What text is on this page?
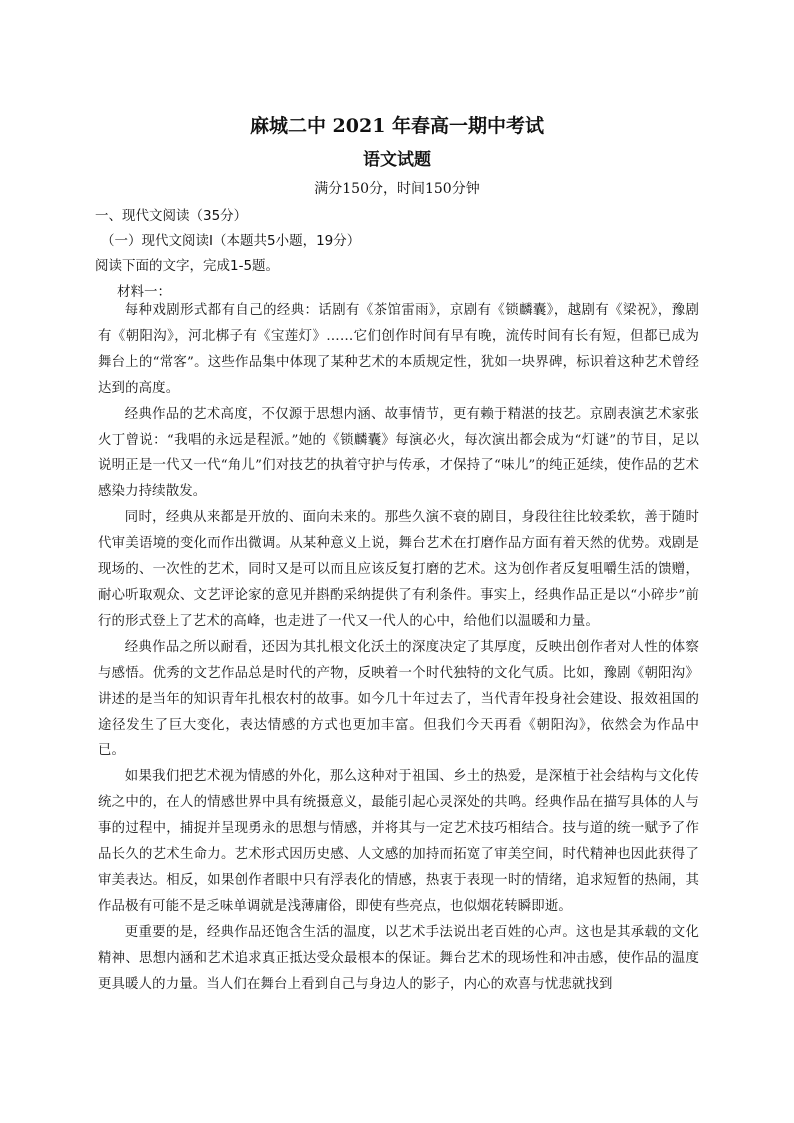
麻城二中 2021 年春高一期中考试
语文试题
满分150分，时间150分钟
一、现代文阅读（35分）
（一）现代文阅读Ⅰ（本题共5小题，19分）
阅读下面的文字，完成1-5题。
材料一：

每种戏剧形式都有自己的经典：话剧有《茶馆雷雨》，京剧有《锁麟囊》，越剧有《梁祝》，豫剧有《朝阳沟》，河北梆子有《宝莲灯》……它们创作时间有早有晚，流传时间有长有短，但都已成为舞台上的“常客”。这些作品集中体现了某种艺术的本质规定性，犹如一块界碑，标识着这种艺术曾经达到的高度。

经典作品的艺术高度，不仅源于思想内涵、故事情节，更有赖于精湛的技艺。京剧表演艺术家张火丁曾说：“我唱的永远是程派。”她的《锁麟囊》每演必火，每次演出都会成为“灯谜”的节目，足以说明正是一代又一代“角儿”们对技艺的执着守护与传承，才保持了“味儿”的纯正延续，使作品的艺术感染力持续散发。

同时，经典从来都是开放的、面向未来的。那些久演不衰的剧目，身段往往比较柔软，善于随时代审美语境的变化而作出微调。从某种意义上说，舞台艺术在打磨作品方面有着天然的优势。戏剧是现场的、一次性的艺术，同时又是可以而且应该反复打磨的艺术。这为创作者反复咀嚼生活的馈赠，耐心听取观众、文艺评论家的意见并斟酌采纳提供了有利条件。事实上，经典作品正是以“小碎步”前行的形式登上了艺术的高峰，也走进了一代又一代人的心中，给他们以温暖和力量。

经典作品之所以耐看，还因为其扎根文化沃土的深度决定了其厚度，反映出创作者对人性的体察与感悟。优秀的文艺作品总是时代的产物，反映着一个时代独特的文化气质。比如，豫剧《朝阳沟》讲述的是当年的知识青年扎根农村的故事。如今几十年过去了，当代青年投身社会建设、报效祖国的途径发生了巨大变化，表达情感的方式也更加丰富。但我们今天再看《朝阳沟》，依然会为作品中已。

如果我们把艺术视为情感的外化，那么这种对于祖国、乡土的热爱，是深植于社会结构与文化传统之中的，在人的情感世界中具有统摄意义，最能引起心灵深处的共鸣。经典作品在描写具体的人与事的过程中，捕捉并呈现勇永的思想与情感，并将其与一定艺术技巧相结合。技与道的统一赋予了作品长久的艺术生命力。艺术形式因历史感、人文感的加持而拓宽了审美空间，时代精神也因此获得了审美表达。相反，如果创作者眼中只有浮表化的情感，热衷于表现一时的情绪，追求短暂的热闹，其作品极有可能不是乏味单调就是浅薄庸俗，即使有些亮点，也似烟花转瞬即逝。

更重要的是，经典作品还饱含生活的温度，以艺术手法说出老百姓的心声。这也是其承载的文化精神、思想内涵和艺术追求真正抵达受众最根本的保证。舞台艺术的现场性和冲击感，使作品的温度更具暖人的力量。当人们在舞台上看到自己与身边人的影子，内心的欢喜与忧悲就找到
